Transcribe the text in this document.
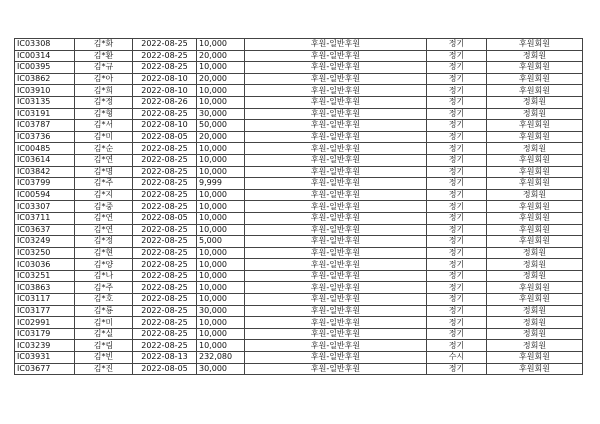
IC03308	김*화	2022-08-25	10,000	후원-일반후원	정기	후원회원
IC00314	김*환	2022-08-25	20,000	후원-일반후원	정기	정회원
IC00395	김*규	2022-08-25	10,000	후원-일반후원	정기	후원회원
IC03862	김*아	2022-08-10	20,000	후원-일반후원	정기	후원회원
IC03910	김*희	2022-08-10	10,000	후원-일반후원	정기	후원회원
IC03135	김*정	2022-08-26	10,000	후원-일반후원	정기	정회원
IC03191	김*형	2022-08-25	30,000	후원-일반후원	정기	정회원
IC03787	김*서	2022-08-10	50,000	후원-일반후원	정기	후원회원
IC03736	김*미	2022-08-05	20,000	후원-일반후원	정기	후원회원
IC00485	김*순	2022-08-25	10,000	후원-일반후원	정기	정회원
IC03614	김*연	2022-08-25	10,000	후원-일반후원	정기	후원회원
IC03842	김*명	2022-08-25	10,000	후원-일반후원	정기	후원회원
IC03799	김*주	2022-08-25	9,999	후원-일반후원	정기	후원회원
IC00594	김*지	2022-08-25	10,000	후원-일반후원	정기	정회원
IC03307	김*중	2022-08-25	10,000	후원-일반후원	정기	후원회원
IC03711	김*연	2022-08-05	10,000	후원-일반후원	정기	후원회원
IC03637	김*연	2022-08-25	10,000	후원-일반후원	정기	후원회원
IC03249	김*정	2022-08-25	5,000	후원-일반후원	정기	후원회원
IC03250	김*현	2022-08-25	10,000	후원-일반후원	정기	정회원
IC03036	김*양	2022-08-25	10,000	후원-일반후원	정기	정회원
IC03251	김*나	2022-08-25	10,000	후원-일반후원	정기	정회원
IC03863	김*주	2022-08-25	10,000	후원-일반후원	정기	후원회원
IC03117	김*호	2022-08-25	10,000	후원-일반후원	정기	후원회원
IC03177	김*룡	2022-08-25	30,000	후원-일반후원	정기	정회원
IC02991	김*미	2022-08-25	10,000	후원-일반후원	정기	정회원
IC03179	김*실	2022-08-25	10,000	후원-일반후원	정기	정회원
IC03239	김*림	2022-08-25	10,000	후원-일반후원	정기	정회원
IC03931	김*빈	2022-08-13	232,080	후원-일반후원	수시	후원회원
IC03677	김*진	2022-08-05	30,000	후원-일반후원	정기	후원회원
